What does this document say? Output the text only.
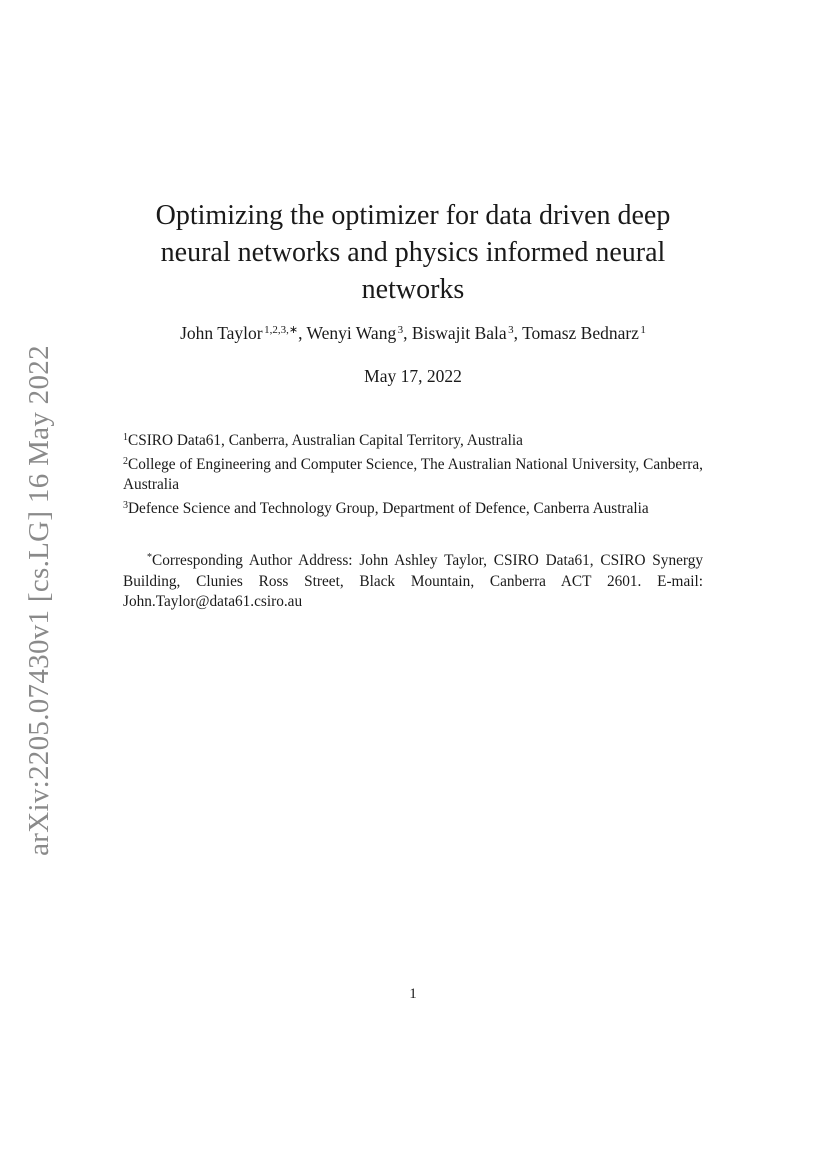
arXiv:2205.07430v1 [cs.LG] 16 May 2022
Optimizing the optimizer for data driven deep
neural networks and physics informed neural
networks
John Taylor $^{1,2,3,∗}$, Wenyi Wang $^3$, Biswajit Bala $^3$, Tomasz Bednarz $^1$
May 17, 2022

$^1$CSIRO Data61, Canberra, Australian Capital Territory, Australia

$^2$College of Engineering and Computer Science, The Australian National University, Canberra, Australia

$^3$Defence Science and Technology Group, Department of Defence, Canberra Australia

*Corresponding Author Address: John Ashley Taylor, CSIRO Data61, CSIRO Synergy Building, Clunies Ross Street, Black Mountain, Canberra ACT 2601. E-mail: John.Taylor@data61.csiro.au

1
